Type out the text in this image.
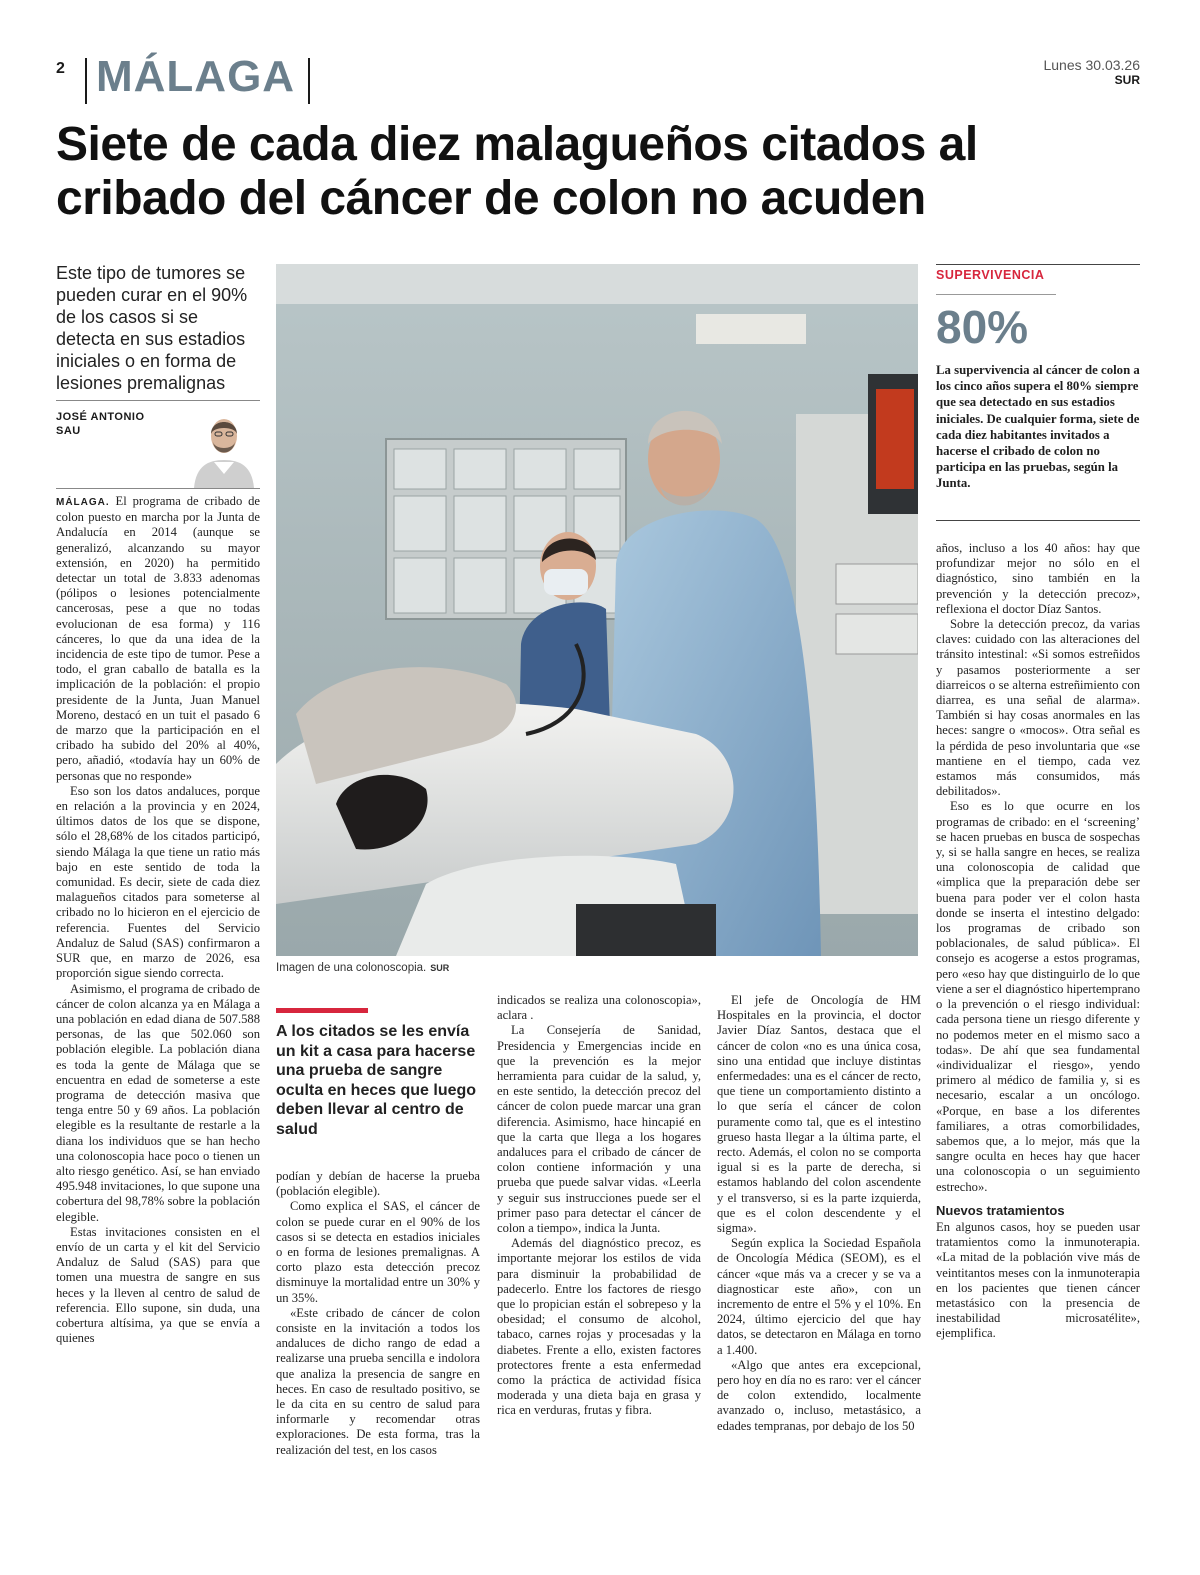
2 MÁLAGA	Lunes 30.03.26
SUR
Siete de cada diez malagueños citados al cribado del cáncer de colon no acuden
Este tipo de tumores se pueden curar en el 90% de los casos si se detecta en sus estadios iniciales o en forma de lesiones premalignas
JOSÉ ANTONIO SAU

MÁLAGA. El programa de cribado de colon puesto en marcha por la Junta de Andalucía en 2014 (aunque se generalizó, alcanzando su mayor extensión, en 2020) ha permitido detectar un total de 3.833 adenomas (pólipos o lesiones potencialmente cancerosas, pese a que no todas evolucionan de esa forma) y 116 cánceres, lo que da una idea de la incidencia de este tipo de tumor. Pese a todo, el gran caballo de batalla es la implicación de la población: el propio presidente de la Junta, Juan Manuel Moreno, destacó en un tuit el pasado 6 de marzo que la participación en el cribado ha subido del 20% al 40%, pero, añadió, «todavía hay un 60% de personas que no responde»

Eso son los datos andaluces, porque en relación a la provincia y en 2024, últimos datos de los que se dispone, sólo el 28,68% de los citados participó, siendo Málaga la que tiene un ratio más bajo en este sentido de toda la comunidad. Es decir, siete de cada diez malagueños citados para someterse al cribado no lo hicieron en el ejercicio de referencia. Fuentes del Servicio Andaluz de Salud (SAS) confirmaron a SUR que, en marzo de 2026, esa proporción sigue siendo correcta.

Asimismo, el programa de cribado de cáncer de colon alcanza ya en Málaga a una población en edad diana de 507.588 personas, de las que 502.060 son población elegible. La población diana es toda la gente de Málaga que se encuentra en edad de someterse a este programa de detección masiva que tenga entre 50 y 69 años. La población elegible es la resultante de restarle a la diana los individuos que se han hecho una colonoscopia hace poco o tienen un alto riesgo genético. Así, se han enviado 495.948 invitaciones, lo que supone una cobertura del 98,78% sobre la población elegible.

Estas invitaciones consisten en el envío de un carta y el kit del Servicio Andaluz de Salud (SAS) para que tomen una muestra de sangre en sus heces y la lleven al centro de salud de referencia. Ello supone, sin duda, una cobertura altísima, ya que se envía a quienes

Imagen de una colonoscopia. SUR
A los citados se les envía un kit a casa para hacerse una prueba de sangre oculta en heces que luego deben llevar al centro de salud

podían y debían de hacerse la prueba (población elegible).

Como explica el SAS, el cáncer de colon se puede curar en el 90% de los casos si se detecta en estadios iniciales o en forma de lesiones premalignas. A corto plazo esta detección precoz disminuye la mortalidad entre un 30% y un 35%.

«Este cribado de cáncer de colon consiste en la invitación a todos los andaluces de dicho rango de edad a realizarse una prueba sencilla e indolora que analiza la presencia de sangre en heces. En caso de resultado positivo, se le da cita en su centro de salud para informarle y recomendar otras exploraciones. De esta forma, tras la realización del test, en los casos

indicados se realiza una colonoscopia», aclara .

La Consejería de Sanidad, Presidencia y Emergencias incide en que la prevención es la mejor herramienta para cuidar de la salud, y, en este sentido, la detección precoz del cáncer de colon puede marcar una gran diferencia. Asimismo, hace hincapié en que la carta que llega a los hogares andaluces para el cribado de cáncer de colon contiene información y una prueba que puede salvar vidas. «Leerla y seguir sus instrucciones puede ser el primer paso para detectar el cáncer de colon a tiempo», indica la Junta.

Además del diagnóstico precoz, es importante mejorar los estilos de vida para disminuir la probabilidad de padecerlo. Entre los factores de riesgo que lo propician están el sobrepeso y la obesidad; el consumo de alcohol, tabaco, carnes rojas y procesadas y la diabetes. Frente a ello, existen factores protectores frente a esta enfermedad como la práctica de actividad física moderada y una dieta baja en grasa y rica en verduras, frutas y fibra.

El jefe de Oncología de HM Hospitales en la provincia, el doctor Javier Díaz Santos, destaca que el cáncer de colon «no es una única cosa, sino una entidad que incluye distintas enfermedades: una es el cáncer de recto, que tiene un comportamiento distinto a lo que sería el cáncer de colon puramente como tal, que es el intestino grueso hasta llegar a la última parte, el recto. Además, el colon no se comporta igual si es la parte de derecha, si estamos hablando del colon ascendente y el transverso, si es la parte izquierda, que es el colon descendente y el sigma».

Según explica la Sociedad Española de Oncología Médica (SEOM), es el cáncer «que más va a crecer y se va a diagnosticar este año», con un incremento de entre el 5% y el 10%. En 2024, último ejercicio del que hay datos, se detectaron en Málaga en torno a 1.400.

«Algo que antes era excepcional, pero hoy en día no es raro: ver el cáncer de colon extendido, localmente avanzado o, incluso, metastásico, a edades tempranas, por debajo de los 50

SUPERVIVENCIA
80%
La supervivencia al cáncer de colon a los cinco años supera el 80% siempre que sea detectado en sus estadios iniciales. De cualquier forma, siete de cada diez habitantes invitados a hacerse el cribado de colon no participa en las pruebas, según la Junta.

años, incluso a los 40 años: hay que profundizar mejor no sólo en el diagnóstico, sino también en la prevención y la detección precoz», reflexiona el doctor Díaz Santos.

Sobre la detección precoz, da varias claves: cuidado con las alteraciones del tránsito intestinal: «Si somos estreñidos y pasamos posteriormente a ser diarreicos o se alterna estreñimiento con diarrea, es una señal de alarma». También si hay cosas anormales en las heces: sangre o «mocos». Otra señal es la pérdida de peso involuntaria que «se mantiene en el tiempo, cada vez estamos más consumidos, más debilitados».

Eso es lo que ocurre en los programas de cribado: en el ‘screening’ se hacen pruebas en busca de sospechas y, si se halla sangre en heces, se realiza una colonoscopia de calidad que «implica que la preparación debe ser buena para poder ver el colon hasta donde se inserta el intestino delgado: los programas de cribado son poblacionales, de salud pública». El consejo es acogerse a estos programas, pero «eso hay que distinguirlo de lo que viene a ser el diagnóstico hipertemprano o la prevención o el riesgo individual: cada persona tiene un riesgo diferente y no podemos meter en el mismo saco a todas». De ahí que sea fundamental «individualizar el riesgo», yendo primero al médico de familia y, si es necesario, escalar a un oncólogo. «Porque, en base a los diferentes familiares, a otras comorbilidades, sabemos que, a lo mejor, más que la sangre oculta en heces hay que hacer una colonoscopia o un seguimiento estrecho».

Nuevos tratamientos

En algunos casos, hoy se pueden usar tratamientos como la inmunoterapia. «La mitad de la población vive más de veintitantos meses con la inmunoterapia en los pacientes que tienen cáncer metastásico con la presencia de inestabilidad microsatélite», ejemplifica.
